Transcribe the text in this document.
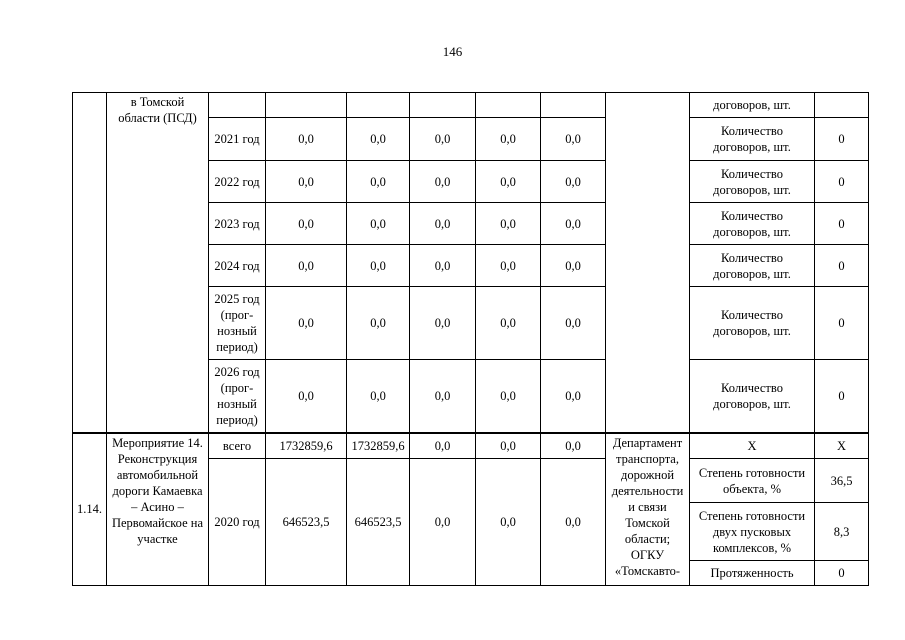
146
	в Томской области (ПСД)								договоров, шт.	
		2021 год	0,0	0,0	0,0	0,0	0,0		Количество договоров, шт.	0
		2022 год	0,0	0,0	0,0	0,0	0,0		Количество договоров, шт.	0
		2023 год	0,0	0,0	0,0	0,0	0,0		Количество договоров, шт.	0
		2024 год	0,0	0,0	0,0	0,0	0,0		Количество договоров, шт.	0
		2025 год (прог-нозный период)	0,0	0,0	0,0	0,0	0,0		Количество договоров, шт.	0
		2026 год (прог-нозный период)	0,0	0,0	0,0	0,0	0,0		Количество договоров, шт.	0
1.14.	Мероприятие 14. Реконструкция автомобильной дороги Камаевка – Асино – Первомайское на участке	всего	1732859,6	1732859,6	0,0	0,0	0,0	Департамент транспорта, дорожной деятельности и связи Томской области; ОГКУ «Томскавто-	Х	Х
		2020 год	646523,5	646523,5	0,0	0,0	0,0		Степень готовности объекта, %	36,5
									Степень готовности двух пусковых комплексов, %	8,3
									Протяженность	0
